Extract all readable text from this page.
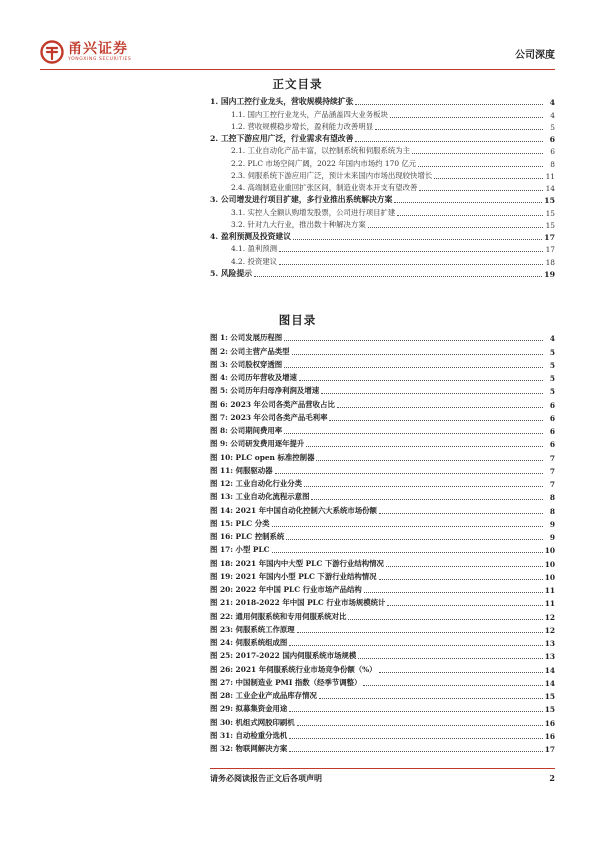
甬兴证券
YONGXING SECURITIES	公司深度
正文目录
1. 国内工控行业龙头，营收规模持续扩张	4
1.1. 国内工控行业龙头，产品涵盖四大业务板块	4
1.2. 营收规模稳步增长，盈利能力改善明显	5
2. 工控下游应用广泛，行业需求有望改善	6
2.1. 工业自动化产品丰富，以控制系统和伺服系统为主	6
2.2. PLC 市场空间广阔，2022 年国内市场约 170 亿元	8
2.3. 伺服系统下游应用广泛，预计未来国内市场出现较快增长	11
2.4. 高端制造业重回扩张区间，制造业资本开支有望改善	14
3. 公司增发进行项目扩建，多行业推出系统解决方案	15
3.1. 实控人全额认购增发股票，公司进行项目扩建	15
3.2. 针对九大行业，推出数十种解决方案	15
4. 盈利预测及投资建议	17
4.1. 盈利预测	17
4.2. 投资建议	18
5. 风险提示	19
图目录
图 1: 公司发展历程图	4
图 2: 公司主营产品类型	5
图 3: 公司股权穿透图	5
图 4: 公司历年营收及增速	5
图 5: 公司历年归母净利润及增速	5
图 6: 2023 年公司各类产品营收占比	6
图 7: 2023 年公司各类产品毛利率	6
图 8: 公司期间费用率	6
图 9: 公司研发费用逐年提升	6
图 10: PLC open 标准控制器	7
图 11: 伺服驱动器	7
图 12: 工业自动化行业分类	7
图 13: 工业自动化流程示意图	8
图 14: 2021 年中国自动化控制六大系统市场份额	8
图 15: PLC 分类	9
图 16: PLC 控制系统	9
图 17: 小型 PLC	10
图 18: 2021 年国内中大型 PLC 下游行业结构情况	10
图 19: 2021 年国内小型 PLC 下游行业结构情况	10
图 20: 2022 年中国 PLC 行业市场产品结构	11
图 21: 2018-2022 年中国 PLC 行业市场规模统计	11
图 22: 通用伺服系统和专用伺服系统对比	12
图 23: 伺服系统工作原理	12
图 24: 伺服系统组成图	13
图 25: 2017-2022 国内伺服系统市场规模	13
图 26: 2021 年伺服系统行业市场竞争份额（%）	14
图 27: 中国制造业 PMI 指数（经季节调整）	14
图 28: 工业企业产成品库存情况	15
图 29: 拟募集资金用途	15
图 30: 机组式网胶印刷机	16
图 31: 自动检重分选机	16
图 32: 物联网解决方案	17
请务必阅读报告正文后各项声明	2
